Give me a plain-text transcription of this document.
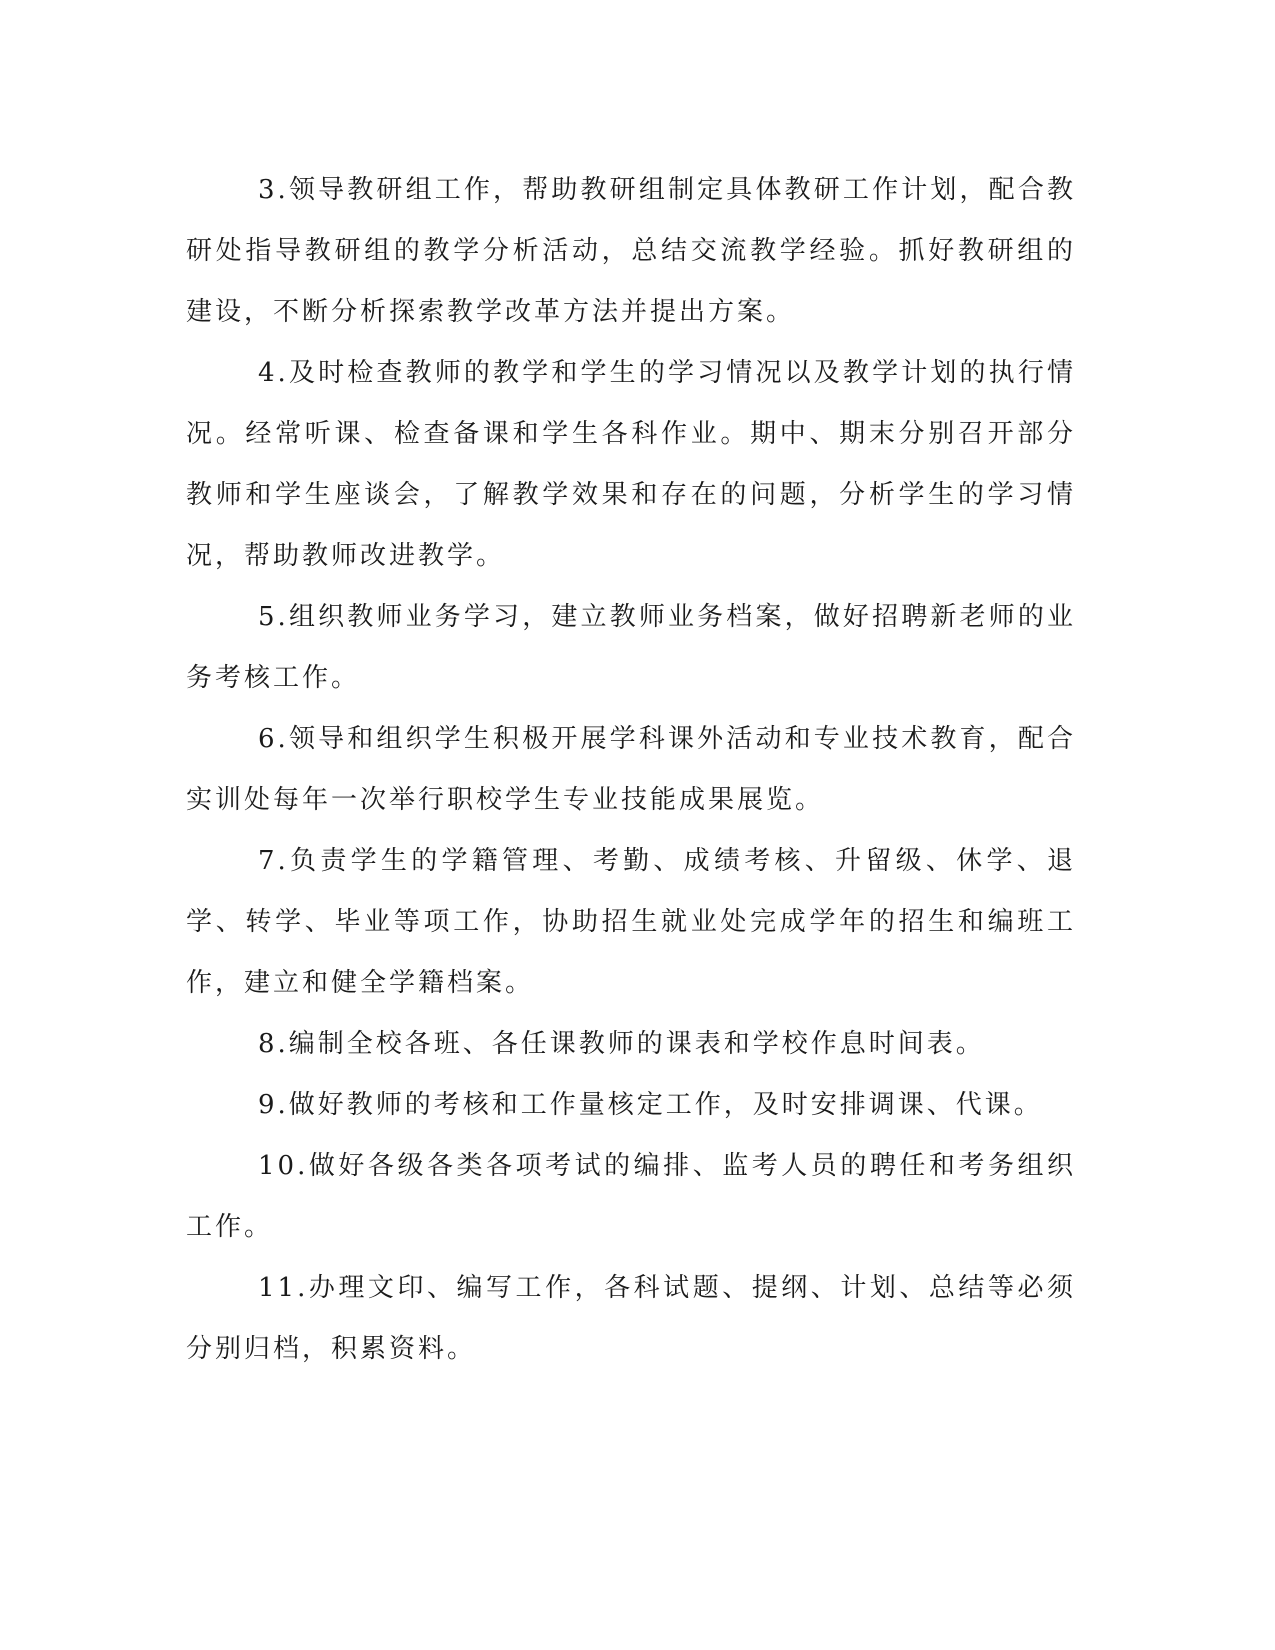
3.领导教研组工作，帮助教研组制定具体教研工作计划，配合教研处指导教研组的教学分析活动，总结交流教学经验。抓好教研组的建设，不断分析探索教学改革方法并提出方案。

4.及时检查教师的教学和学生的学习情况以及教学计划的执行情况。经常听课、检查备课和学生各科作业。期中、期末分别召开部分教师和学生座谈会，了解教学效果和存在的问题，分析学生的学习情况，帮助教师改进教学。

5.组织教师业务学习，建立教师业务档案，做好招聘新老师的业务考核工作。

6.领导和组织学生积极开展学科课外活动和专业技术教育，配合实训处每年一次举行职校学生专业技能成果展览。

7.负责学生的学籍管理、考勤、成绩考核、升留级、休学、退学、转学、毕业等项工作，协助招生就业处完成学年的招生和编班工作，建立和健全学籍档案。

8.编制全校各班、各任课教师的课表和学校作息时间表。

9.做好教师的考核和工作量核定工作，及时安排调课、代课。

10.做好各级各类各项考试的编排、监考人员的聘任和考务组织工作。

11.办理文印、编写工作，各科试题、提纲、计划、总结等必须分别归档，积累资料。
